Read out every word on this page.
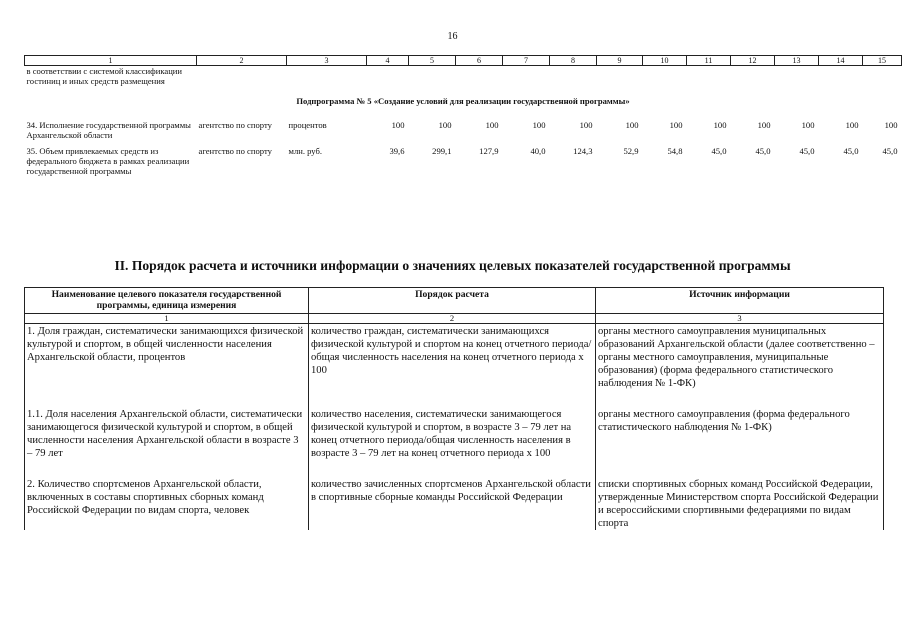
16
1	2	3	4	5	6	7	8	9	10	11	12	13	14	15
в соответствии с системой классификации гостиниц и иных средств размещения														
Подпрограмма № 5 «Создание условий для реализации государственной программы»														
34. Исполнение государственной программы Архангельской области	агентство по спорту	процентов	100	100	100	100	100	100	100	100	100	100	100	100

35. Объем привлекаемых средств из федерального бюджета в рамках реализации государственной программы	агентство по спорту	млн. руб.	39,6	299,1	127,9	40,0	124,3	52,9	54,8	45,0	45,0	45,0	45,0	45,0
II. Порядок расчета и источники информации о значениях целевых показателей государственной программы
Наименование целевого показателя государственной программы, единица измерения	Порядок расчета	Источник информации
1	2	3
1. Доля граждан, систематически занимающихся физической культурой и спортом, в общей численности населения Архангельской области, процентов	количество граждан, систематически занимающихся физической культурой и спортом на конец отчетного периода/общая численность населения на конец отчетного периода х 100	органы местного самоуправления муниципальных образований Архангельской области (далее соответственно – органы местного самоуправления, муниципальные образования) (форма федерального статистического наблюдения № 1-ФК)

1.1. Доля населения Архангельской области, систематически занимающегося физической культурой и спортом, в общей численности населения Архангельской области в возрасте 3 – 79 лет	количество населения, систематически занимающегося физической культурой и спортом, в возрасте 3 – 79 лет на конец отчетного периода/общая численность населения в возрасте 3 – 79 лет на конец отчетного периода х 100	органы местного самоуправления (форма федерального статистического наблюдения № 1-ФК)

2. Количество спортсменов Архангельской области, включенных в составы спортивных сборных команд Российской Федерации по видам спорта, человек	количество зачисленных спортсменов Архангельской области в спортивные сборные команды Российской Федерации	списки спортивных сборных команд Российской Федерации, утвержденные Министерством спорта Российской Федерации и всероссийскими спортивными федерациями по видам спорта
